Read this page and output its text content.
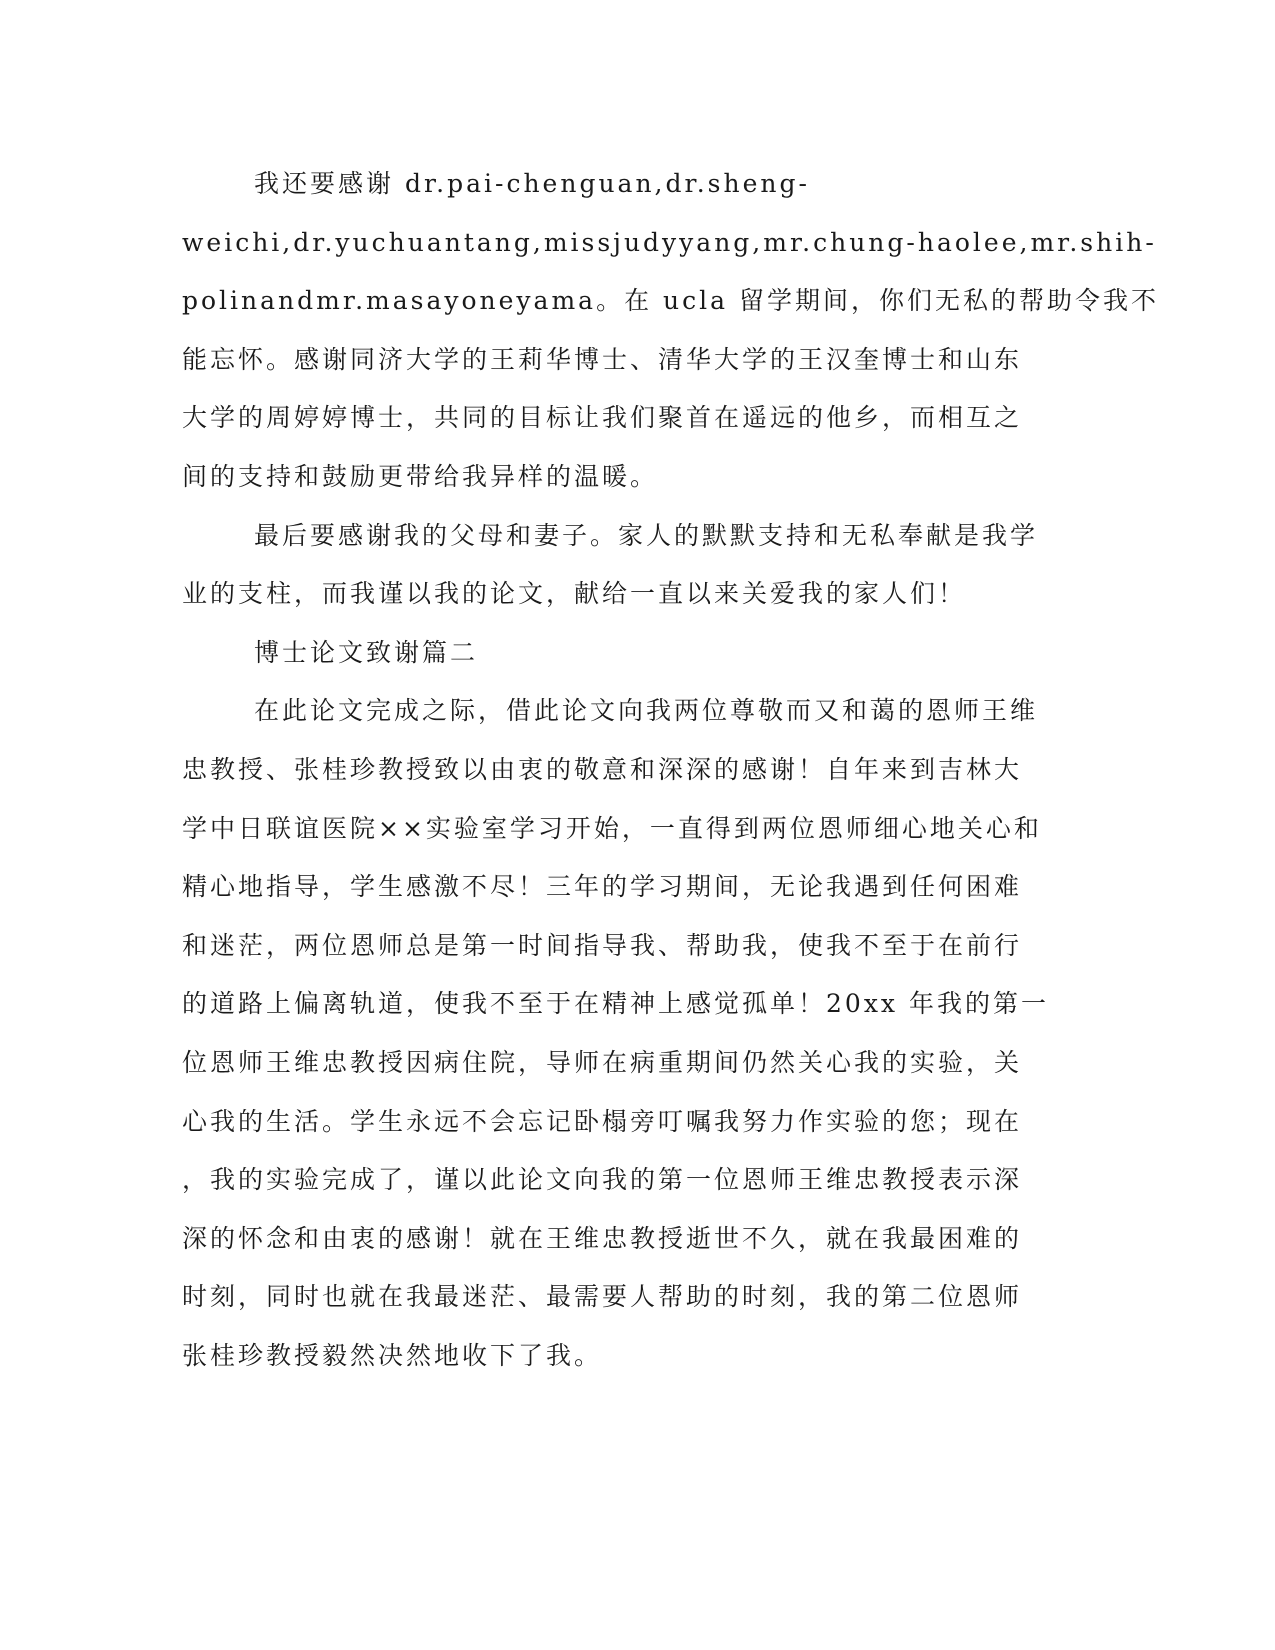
我还要感谢 dr.pai-chenguan,dr.sheng-
weichi,dr.yuchuantang,missjudyyang,mr.chung-haolee,mr.shih-
polinandmr.masayoneyama。在 ucla 留学期间，你们无私的帮助令我不
能忘怀。感谢同济大学的王莉华博士、清华大学的王汉奎博士和山东
大学的周婷婷博士，共同的目标让我们聚首在遥远的他乡，而相互之
间的支持和鼓励更带给我异样的温暖。
最后要感谢我的父母和妻子。家人的默默支持和无私奉献是我学
业的支柱，而我谨以我的论文，献给一直以来关爱我的家人们！
博士论文致谢篇二
在此论文完成之际，借此论文向我两位尊敬而又和蔼的恩师王维
忠教授、张桂珍教授致以由衷的敬意和深深的感谢！自年来到吉林大
学中日联谊医院××实验室学习开始，一直得到两位恩师细心地关心和
精心地指导，学生感激不尽！三年的学习期间，无论我遇到任何困难
和迷茫，两位恩师总是第一时间指导我、帮助我，使我不至于在前行
的道路上偏离轨道，使我不至于在精神上感觉孤单！20xx 年我的第一
位恩师王维忠教授因病住院，导师在病重期间仍然关心我的实验，关
心我的生活。学生永远不会忘记卧榻旁叮嘱我努力作实验的您；现在
，我的实验完成了，谨以此论文向我的第一位恩师王维忠教授表示深
深的怀念和由衷的感谢！就在王维忠教授逝世不久，就在我最困难的
时刻，同时也就在我最迷茫、最需要人帮助的时刻，我的第二位恩师
张桂珍教授毅然决然地收下了我。
